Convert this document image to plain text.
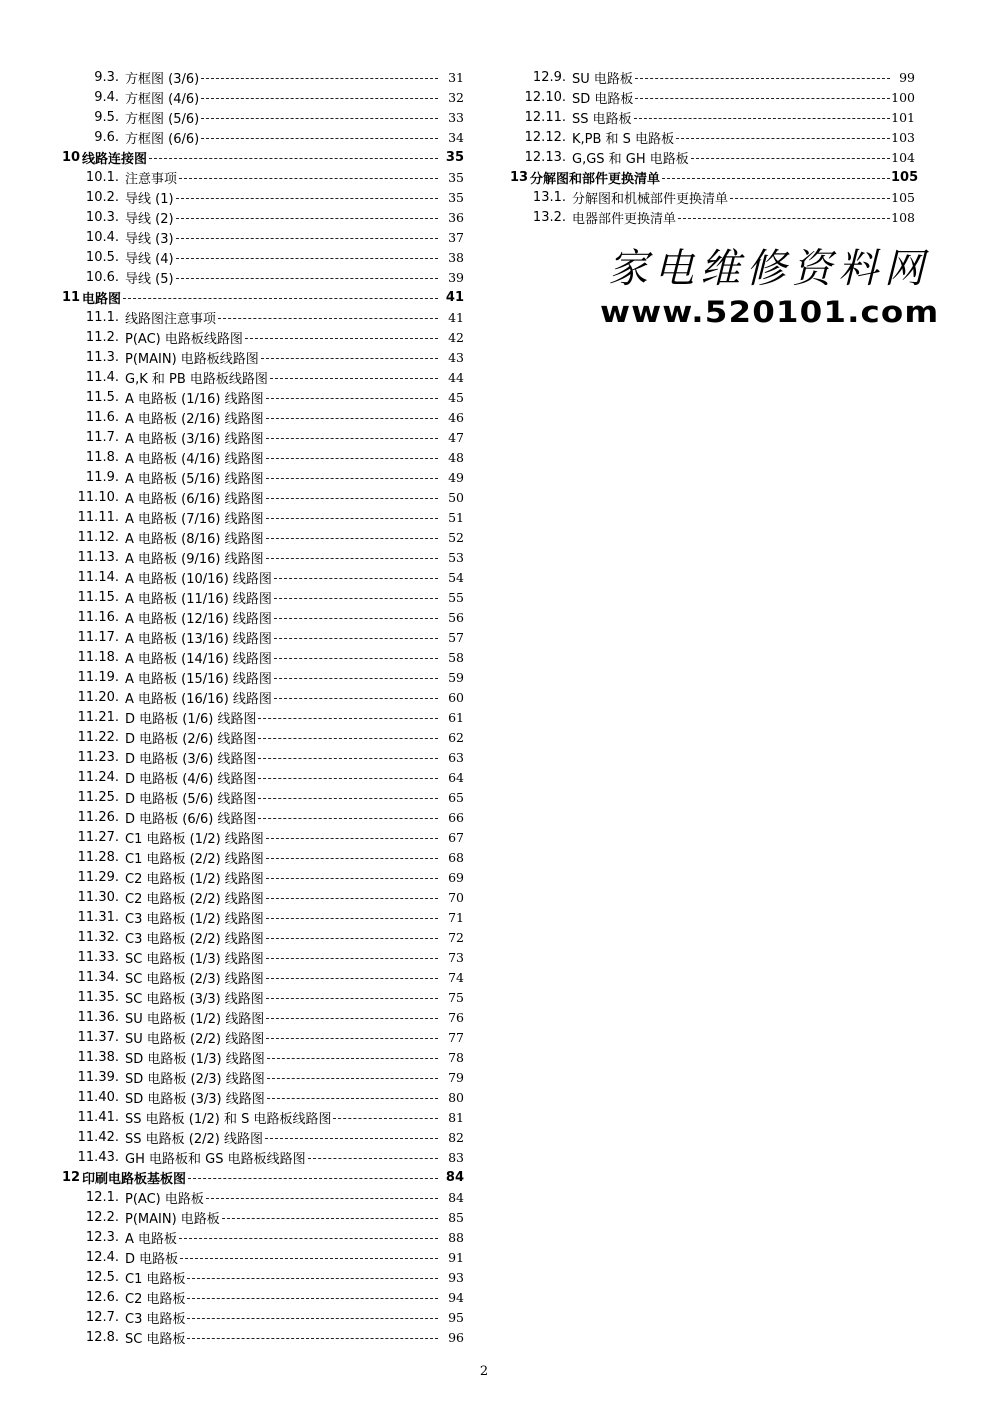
9.3. 方框图 (3/6)	31
9.4. 方框图 (4/6)	32
9.5. 方框图 (5/6)	33
9.6. 方框图 (6/6)	34
10 线路连接图	35
10.1. 注意事项	35
10.2. 导线 (1)	35
10.3. 导线 (2)	36
10.4. 导线 (3)	37
10.5. 导线 (4)	38
10.6. 导线 (5)	39
11 电路图	41
11.1. 线路图注意事项	41
11.2. P(AC) 电路板线路图	42
11.3. P(MAIN) 电路板线路图	43
11.4. G,K 和 PB 电路板线路图	44
11.5. A 电路板 (1/16) 线路图	45
11.6. A 电路板 (2/16) 线路图	46
11.7. A 电路板 (3/16) 线路图	47
11.8. A 电路板 (4/16) 线路图	48
11.9. A 电路板 (5/16) 线路图	49
11.10. A 电路板 (6/16) 线路图	50
11.11. A 电路板 (7/16) 线路图	51
11.12. A 电路板 (8/16) 线路图	52
11.13. A 电路板 (9/16) 线路图	53
11.14. A 电路板 (10/16) 线路图	54
11.15. A 电路板 (11/16) 线路图	55
11.16. A 电路板 (12/16) 线路图	56
11.17. A 电路板 (13/16) 线路图	57
11.18. A 电路板 (14/16) 线路图	58
11.19. A 电路板 (15/16) 线路图	59
11.20. A 电路板 (16/16) 线路图	60
11.21. D 电路板 (1/6) 线路图	61
11.22. D 电路板 (2/6) 线路图	62
11.23. D 电路板 (3/6) 线路图	63
11.24. D 电路板 (4/6) 线路图	64
11.25. D 电路板 (5/6) 线路图	65
11.26. D 电路板 (6/6) 线路图	66
11.27. C1 电路板 (1/2) 线路图	67
11.28. C1 电路板 (2/2) 线路图	68
11.29. C2 电路板 (1/2) 线路图	69
11.30. C2 电路板 (2/2) 线路图	70
11.31. C3 电路板 (1/2) 线路图	71
11.32. C3 电路板 (2/2) 线路图	72
11.33. SC 电路板 (1/3) 线路图	73
11.34. SC 电路板 (2/3) 线路图	74
11.35. SC 电路板 (3/3) 线路图	75
11.36. SU 电路板 (1/2) 线路图	76
11.37. SU 电路板 (2/2) 线路图	77
11.38. SD 电路板 (1/3) 线路图	78
11.39. SD 电路板 (2/3) 线路图	79
11.40. SD 电路板 (3/3) 线路图	80
11.41. SS 电路板 (1/2) 和 S 电路板线路图	81
11.42. SS 电路板 (2/2) 线路图	82
11.43. GH 电路板和 GS 电路板线路图	83
12 印刷电路板基板图	84
12.1. P(AC) 电路板	84
12.2. P(MAIN) 电路板	85
12.3. A 电路板	88
12.4. D 电路板	91
12.5. C1 电路板	93
12.6. C2 电路板	94
12.7. C3 电路板	95
12.8. SC 电路板	96
12.9. SU 电路板	99
12.10. SD 电路板	100
12.11. SS 电路板	101
12.12. K,PB 和 S 电路板	103
12.13. G,GS 和 GH 电路板	104
13 分解图和部件更换清单	105
13.1. 分解图和机械部件更换清单	105
13.2. 电器部件更换清单	108
家电维修资料网
www.520101.com
2
